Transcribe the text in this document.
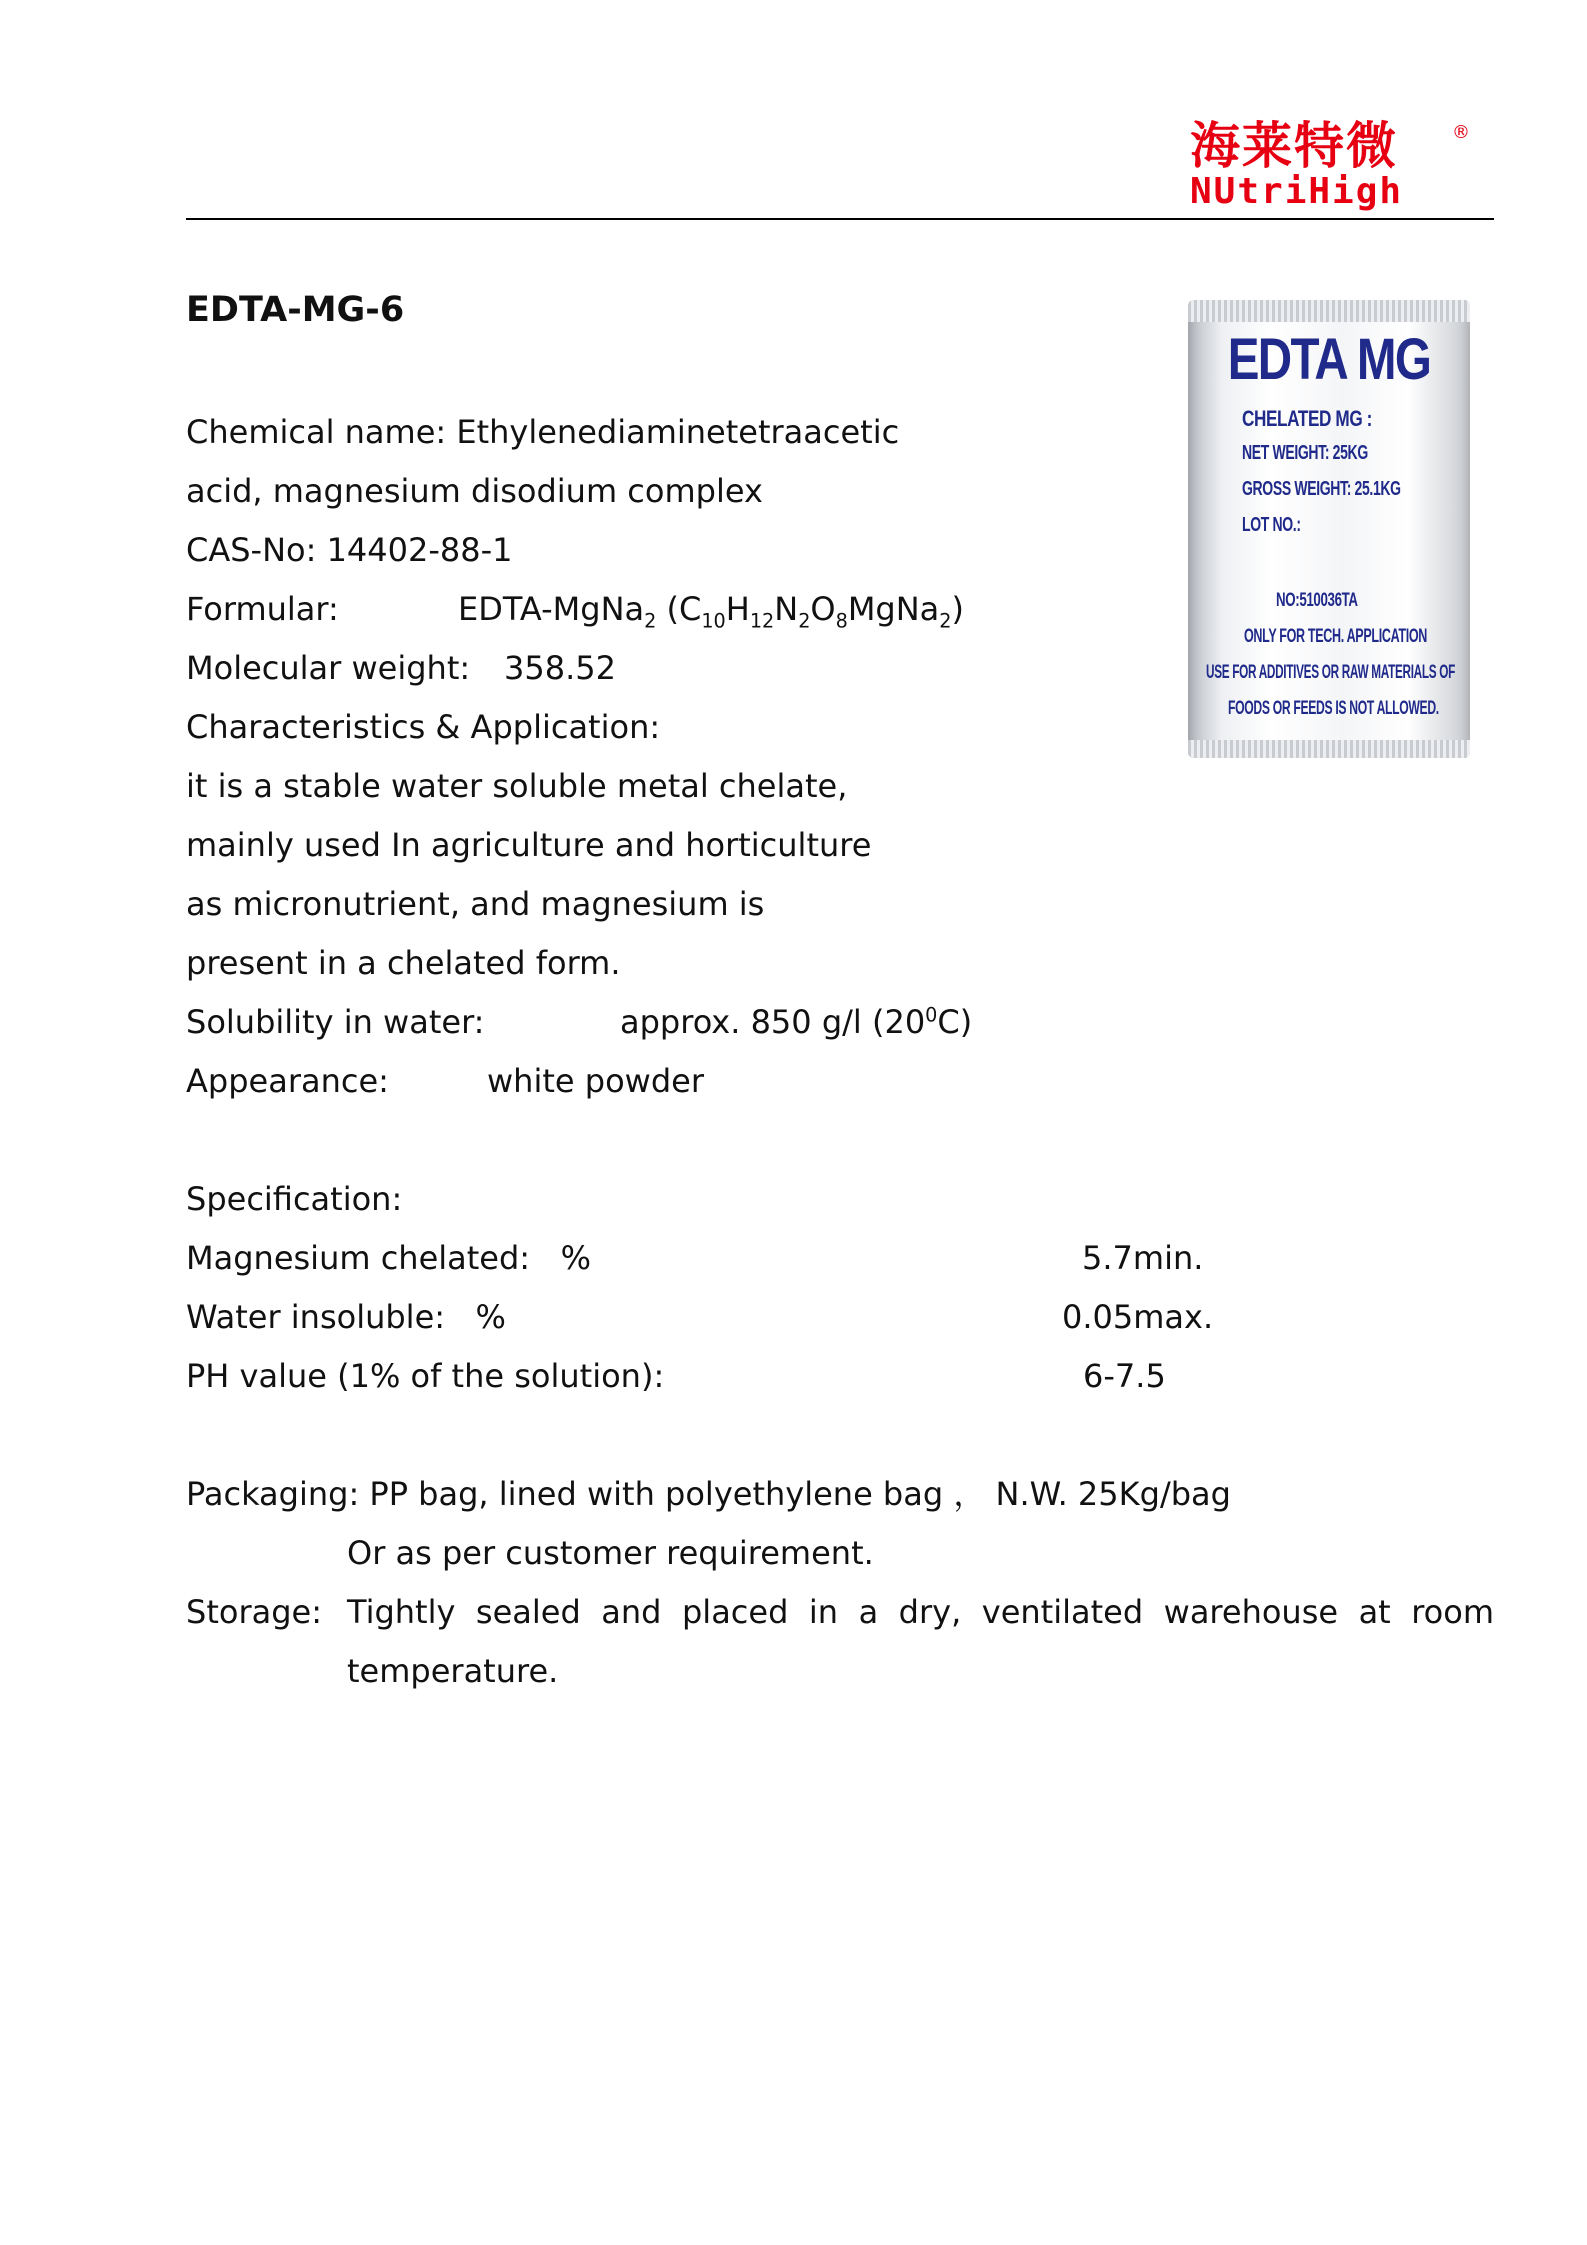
海莱特微	®
NUtriHigh
EDTA-MG-6
EDTA MG
CHELATED MG :
NET WEIGHT: 25KG
GROSS WEIGHT: 25.1KG
LOT NO.:
NO:510036TA
ONLY FOR TECH. APPLICATION
USE FOR ADDITIVES OR RAW MATERIALS OF
FOODS OR FEEDS IS NOT ALLOWED.
Chemical name: Ethylenediaminetetraacetic
acid, magnesium disodium complex
CAS-No: 14402-88-1
Formular:	EDTA-MgNa$_2$ $(C_{10}H_{12}N_2O_8MgNa_2)$
Molecular weight: 358.52
Characteristics & Application:
it is a stable water soluble metal chelate,
mainly used In agriculture and horticulture
as micronutrient, and magnesium is
present in a chelated form.
Solubility in water:	approx. 850 g/l $(20^0C)$
Appearance:	white powder
Specification:
Magnesium chelated:   %	5.7min.
Water insoluble:   %	0.05max.
PH value (1% of the solution):	6-7.5
Packaging: PP bag, lined with polyethylene bag ， N.W. 25Kg/bag
Or as per customer requirement.
Storage: Tightly sealed and placed in a dry, ventilated warehouse at room
temperature.
